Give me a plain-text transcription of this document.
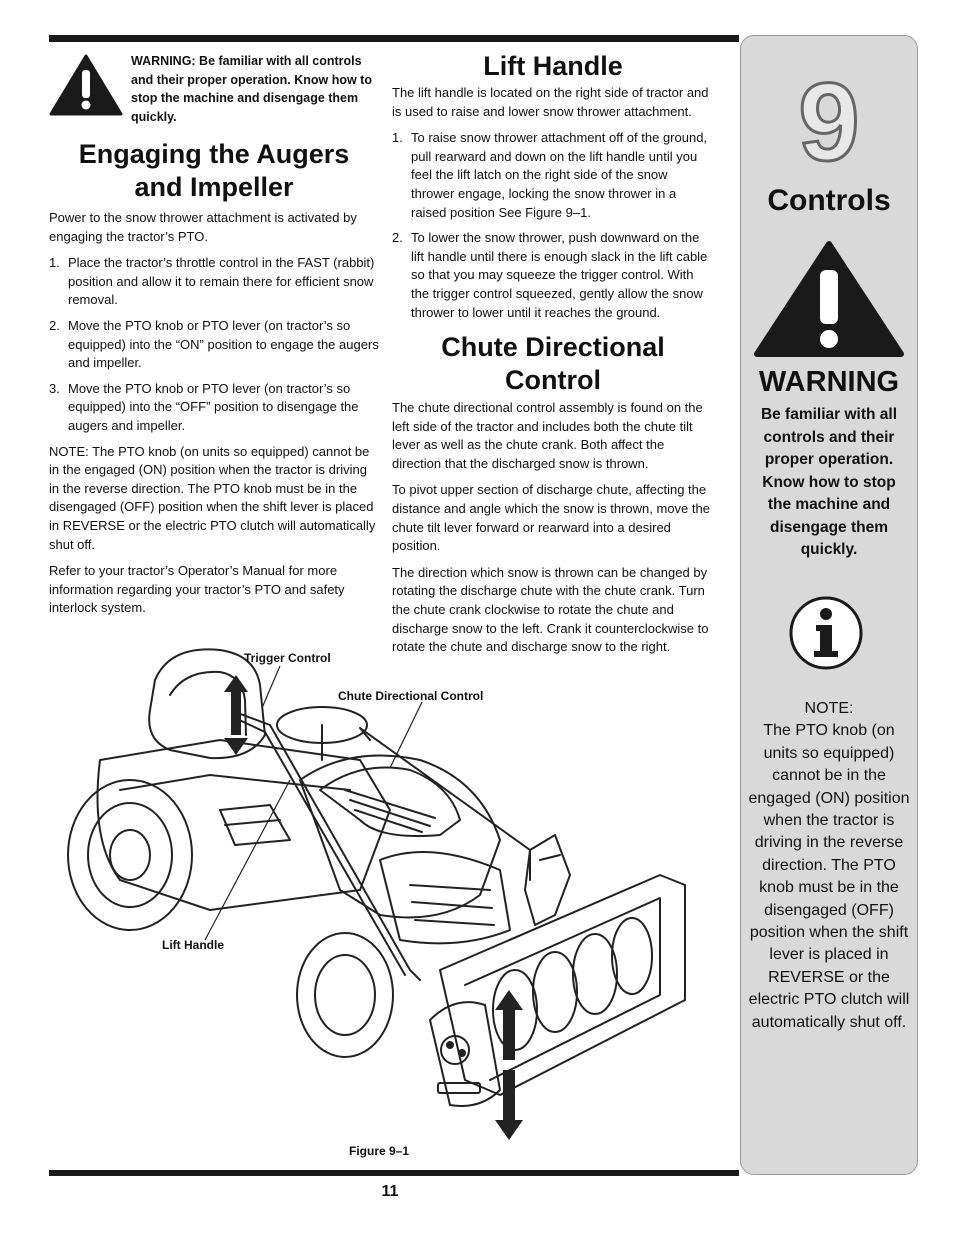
11
WARNING: Be familiar with all controls and their proper operation. Know how to stop the machine and disengage them quickly.
Engaging the Augers
and Impeller

Power to the snow thrower attachment is activated by engaging the tractor’s PTO.

1. Place the tractor’s throttle control in the FAST (rabbit) position and allow it to remain there for efficient snow removal.
2. Move the PTO knob or PTO lever (on tractor’s so equipped) into the “ON” position to engage the augers and impeller.
3. Move the PTO knob or PTO lever (on tractor’s so equipped) into the “OFF” position to disengage the augers and impeller.

NOTE: The PTO knob (on units so equipped) cannot be in the engaged (ON) position when the tractor is driving in the reverse direction. The PTO knob must be in the disengaged (OFF) position when the shift lever is placed in REVERSE or the electric PTO clutch will automatically shut off.

Refer to your tractor’s Operator’s Manual for more information regarding your tractor’s PTO and safety interlock system.

Lift Handle

The lift handle is located on the right side of tractor and is used to raise and lower snow thrower attachment.

1. To raise snow thrower attachment off of the ground, pull rearward and down on the lift handle until you feel the lift latch on the right side of the snow thrower engage, locking the snow thrower in a raised position See Figure 9–1.
2. To lower the snow thrower, push downward on the lift handle until there is enough slack in the lift cable so that you may squeeze the trigger control. With the trigger control squeezed, gently allow the snow thrower to lower until it reaches the ground.
Chute Directional
Control

The chute directional control assembly is found on the left side of the tractor and includes both the chute tilt lever as well as the chute crank. Both affect the direction that the discharged snow is thrown.

To pivot upper section of discharge chute, affecting the distance and angle which the snow is thrown, move the chute tilt lever forward or rearward into a desired position.

The direction which snow is thrown can be changed by rotating the discharge chute with the chute crank. Turn the chute crank clockwise to rotate the chute and discharge snow to the left. Crank it counterclockwise to rotate the chute and discharge snow to the right.

Trigger Control
Chute Directional Control
Lift Handle
Figure 9–1
9
Controls
WARNING
Be familiar with all controls and their proper operation. Know how to stop the machine and disengage them quickly.
NOTE:
The PTO knob (on units so equipped) cannot be in the engaged (ON) position when the tractor is driving in the reverse direction. The PTO knob must be in the disengaged (OFF) position when the shift lever is placed in REVERSE or the electric PTO clutch will automatically shut off.
